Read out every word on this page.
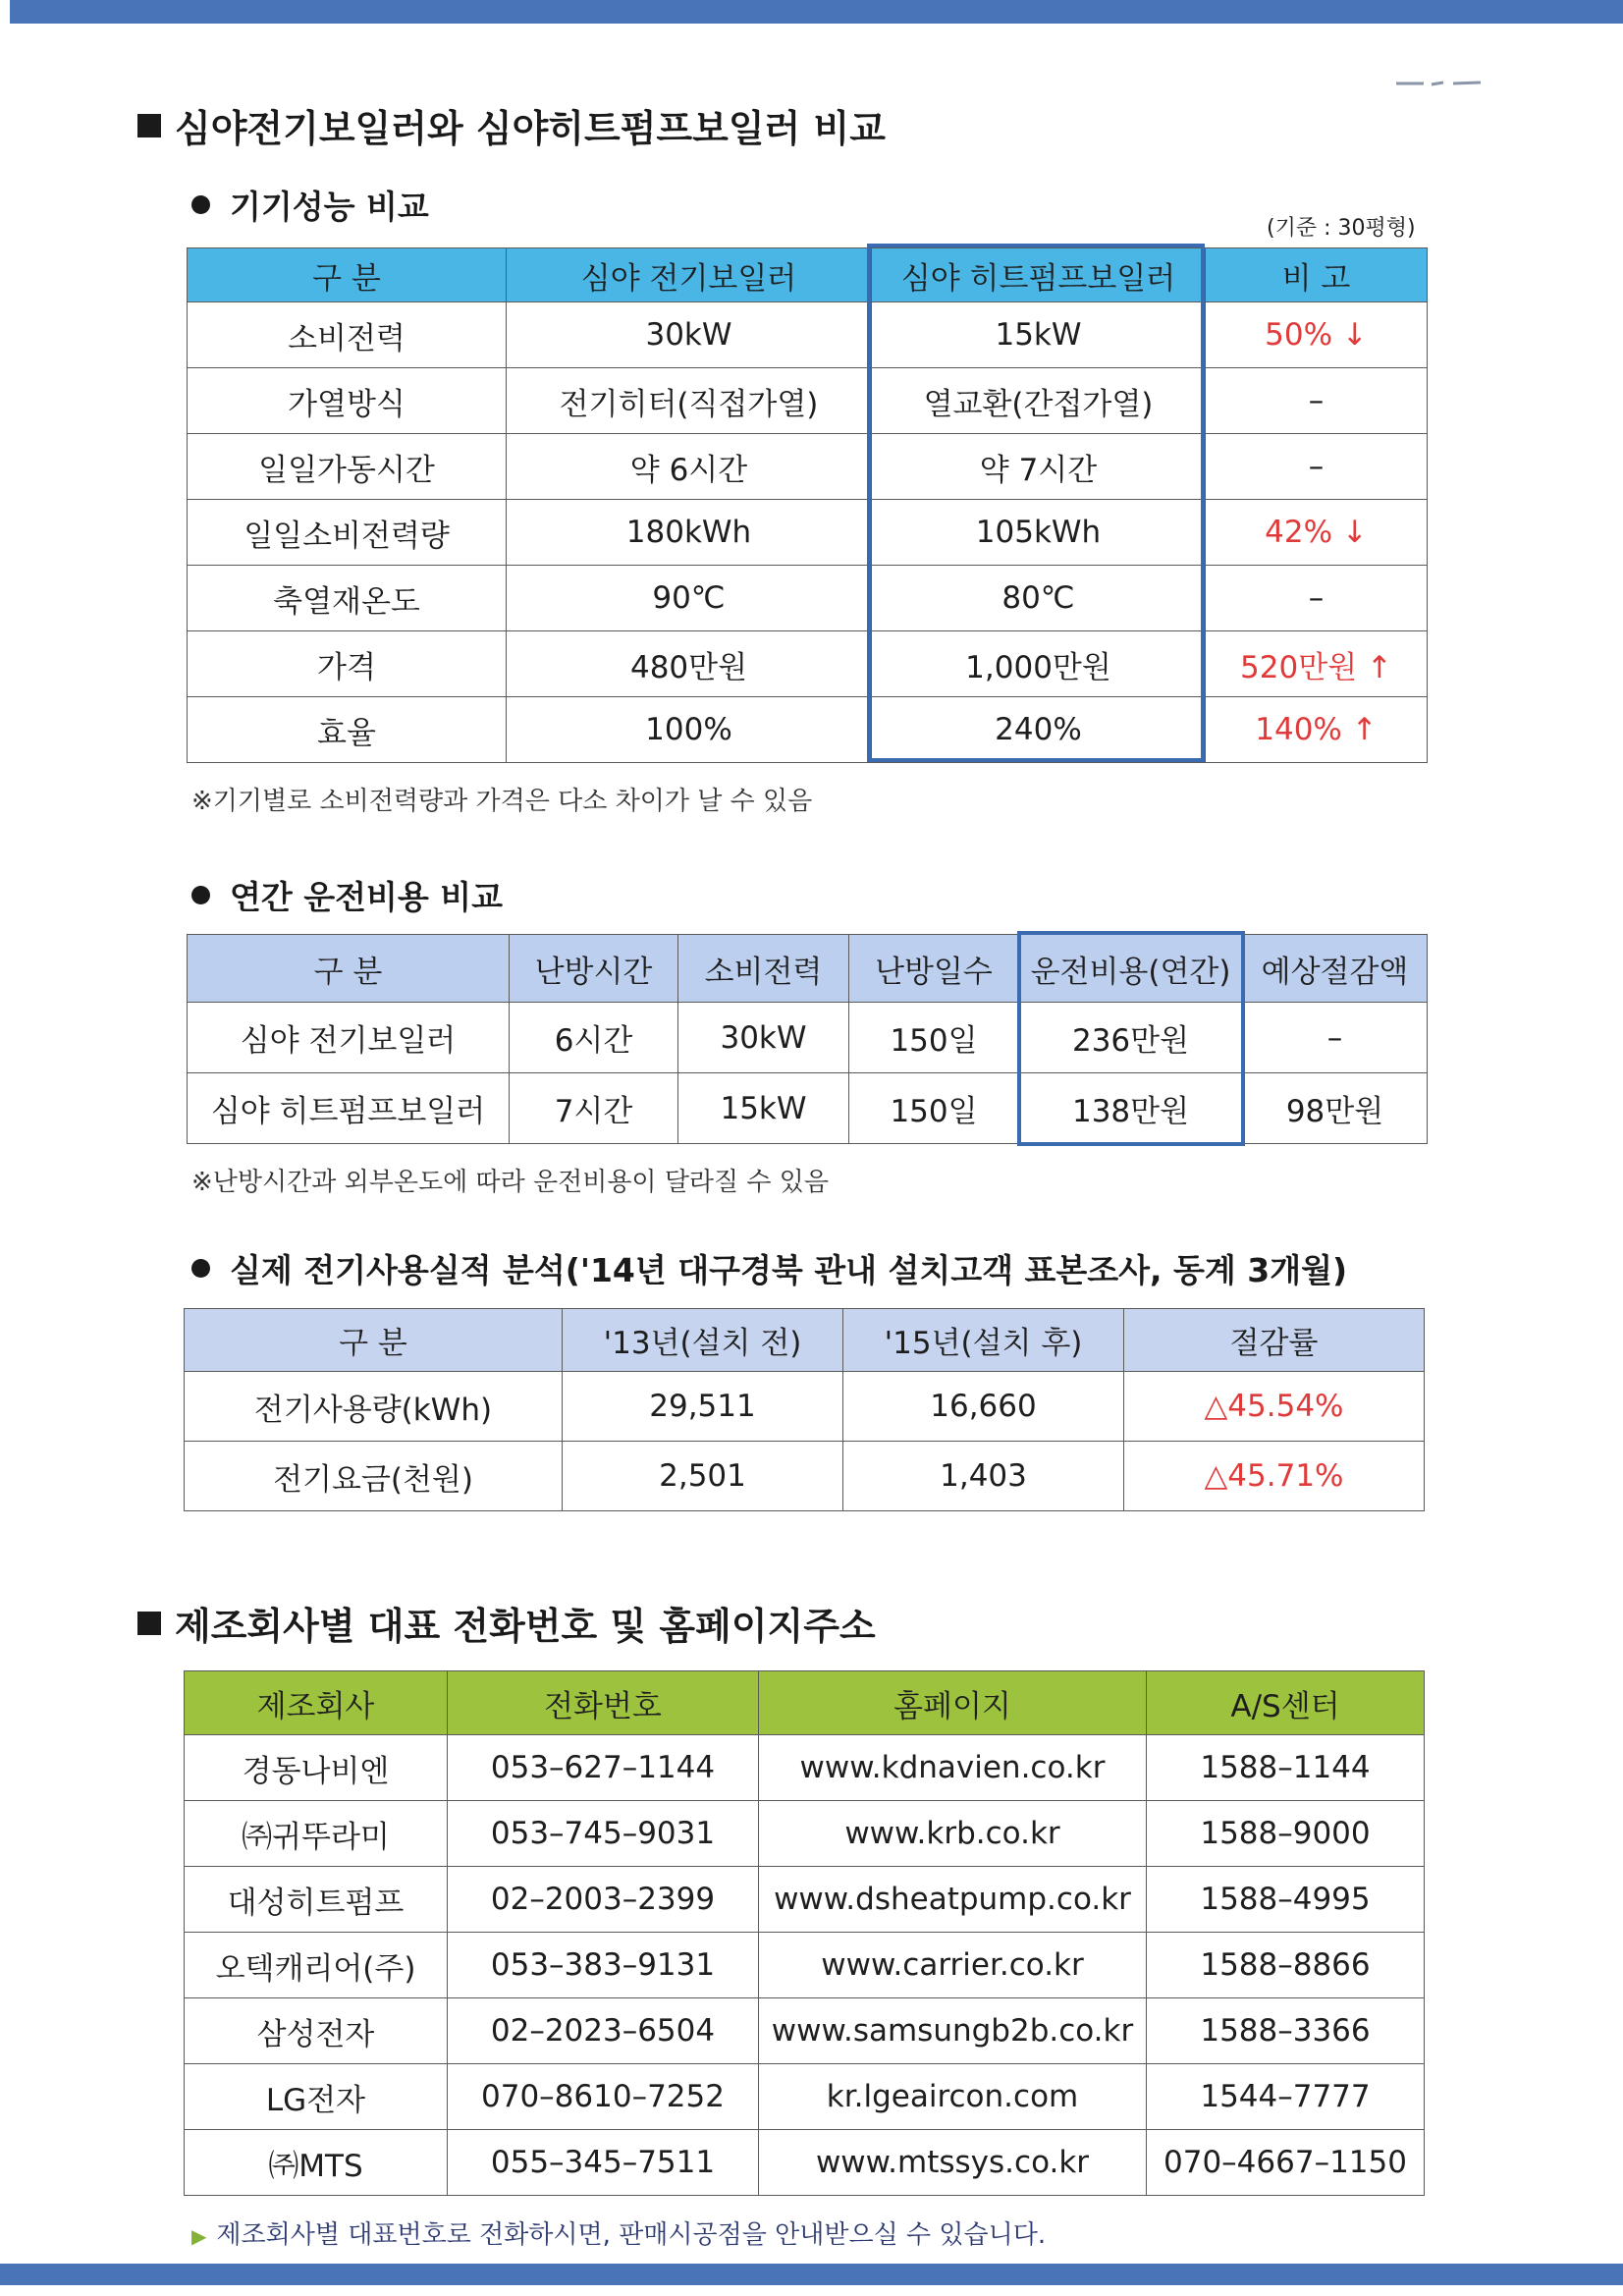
심야전기보일러와 심야히트펌프보일러 비교
기기성능 비교
(기준 : 30평형)
구 분	심야 전기보일러	심야 히트펌프보일러	비 고
소비전력	30kW	15kW	50% ↓
가열방식	전기히터(직접가열)	열교환(간접가열)	–
일일가동시간	약 6시간	약 7시간	–
일일소비전력량	180kWh	105kWh	42% ↓
축열재온도	90℃	80℃	–
가격	480만원	1,000만원	520만원 ↑
효율	100%	240%	140% ↑
※기기별로 소비전력량과 가격은 다소 차이가 날 수 있음
연간 운전비용 비교
구 분	난방시간	소비전력	난방일수	운전비용(연간)	예상절감액
심야 전기보일러	6시간	30kW	150일	236만원	–
심야 히트펌프보일러	7시간	15kW	150일	138만원	98만원
※난방시간과 외부온도에 따라 운전비용이 달라질 수 있음
실제 전기사용실적 분석('14년 대구경북 관내 설치고객 표본조사, 동계 3개월)
구 분	'13년(설치 전)	'15년(설치 후)	절감률
전기사용량(kWh)	29,511	16,660	△45.54%
전기요금(천원)	2,501	1,403	△45.71%
제조회사별 대표 전화번호 및 홈페이지주소
제조회사	전화번호	홈페이지	A/S센터
경동나비엔	053–627–1144	www.kdnavien.co.kr	1588–1144
㈜귀뚜라미	053–745–9031	www.krb.co.kr	1588–9000
대성히트펌프	02–2003–2399	www.dsheatpump.co.kr	1588–4995
오텍캐리어(주)	053–383–9131	www.carrier.co.kr	1588–8866
삼성전자	02–2023–6504	www.samsungb2b.co.kr	1588–3366
LG전자	070–8610–7252	kr.lgeaircon.com	1544–7777
㈜MTS	055–345–7511	www.mtssys.co.kr	070–4667–1150
▶ 제조회사별 대표번호로 전화하시면, 판매시공점을 안내받으실 수 있습니다.
